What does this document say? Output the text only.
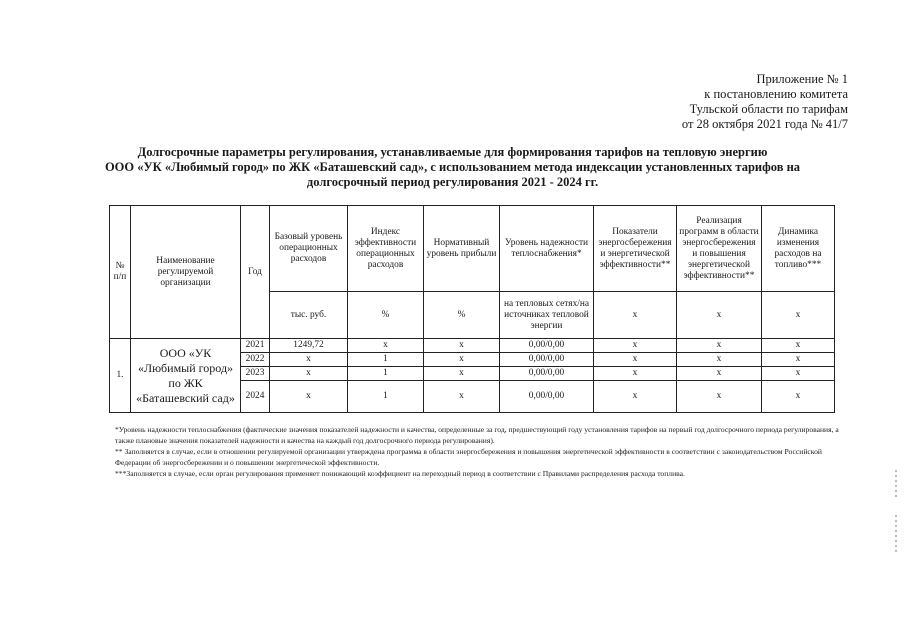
Приложение № 1
к постановлению комитета
Тульской области по тарифам
от 28 октября 2021 года № 41/7
Долгосрочные параметры регулирования, устанавливаемые для формирования тарифов на тепловую энергию
ООО «УК «Любимый город» по ЖК «Баташевский сад», с использованием метода индексации установленных тарифов на
долгосрочный период регулирования 2021 - 2024 гг.
№ п/п	Наименование регулируемой организации	Год	Базовый уровень операционных расходов	Индекс эффективности операционных расходов	Нормативный уровень прибыли	Уровень надежности теплоснабжения*	Показатели энергосбережения и энергетической эффективности**	Реализация программ в области энергосбережения и повышения энергетической эффективности**	Динамика изменения расходов на топливо***
			тыс. руб.	%	%	на тепловых сетях/на источниках тепловой энергии	x	x	x
1.	ООО «УК «Любимый город» по ЖК «Баташевский сад»	2021	1249,72	x	x	0,00/0,00	x	x	x
		2022	x	1	x	0,00/0,00	x	x	x
		2023	x	1	x	0,00/0,00	x	x	x
		2024	x	1	x	0,00/0,00	x	x	x

*Уровень надежности теплоснабжения (фактические значения показателей надежности и качества, определенные за год, предшествующий году установления тарифов на первый год долгосрочного периода регулирования, а также плановые значения показателей надежности и качества на каждый год долгосрочного периода регулирования).

** Заполняется в случае, если в отношении регулируемой организации утверждена программа в области энергосбережения и повышения энергетической эффективности в соответствии с законодательством Российской Федерации об энергосбережении и о повышении энергетической эффективности.

***Заполняется в случае, если орган регулирования применяет понижающий коэффициент на переходный период в соответствии с Правилами распределения расхода топлива.
